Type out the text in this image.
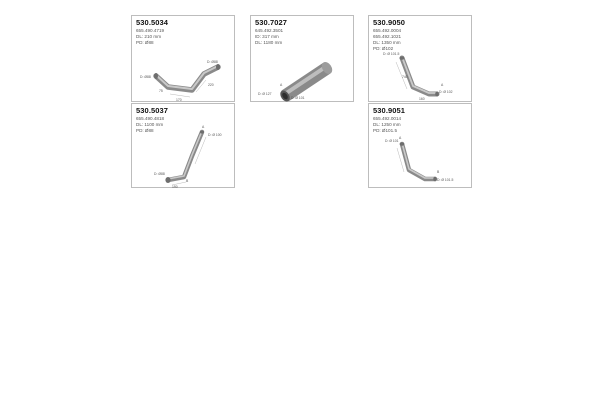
530.5034
655.490.4719
DL: 210 mm
PD: Ø88
D: Ø88
D: Ø88
220
170
75
530.7027
645.492.3501
ID: 317 mm
DL: 1180 mm
D: Ø 127
D: Ø 101
A
530.9050
655.492.0004
655.492.1021
DL: 1350 mm
PD: Ø102
D: Ø 101.5
D: Ø 102
740
160
A
530.5037
655.490.4818
DL: 1100 mm
PD: Ø88
D: Ø 100
D: Ø88
A
B
190
530.9051
655.492.0014
DL: 1250 mm
PD: Ø101.5
D: Ø 101
D: Ø 101.5
A
B
